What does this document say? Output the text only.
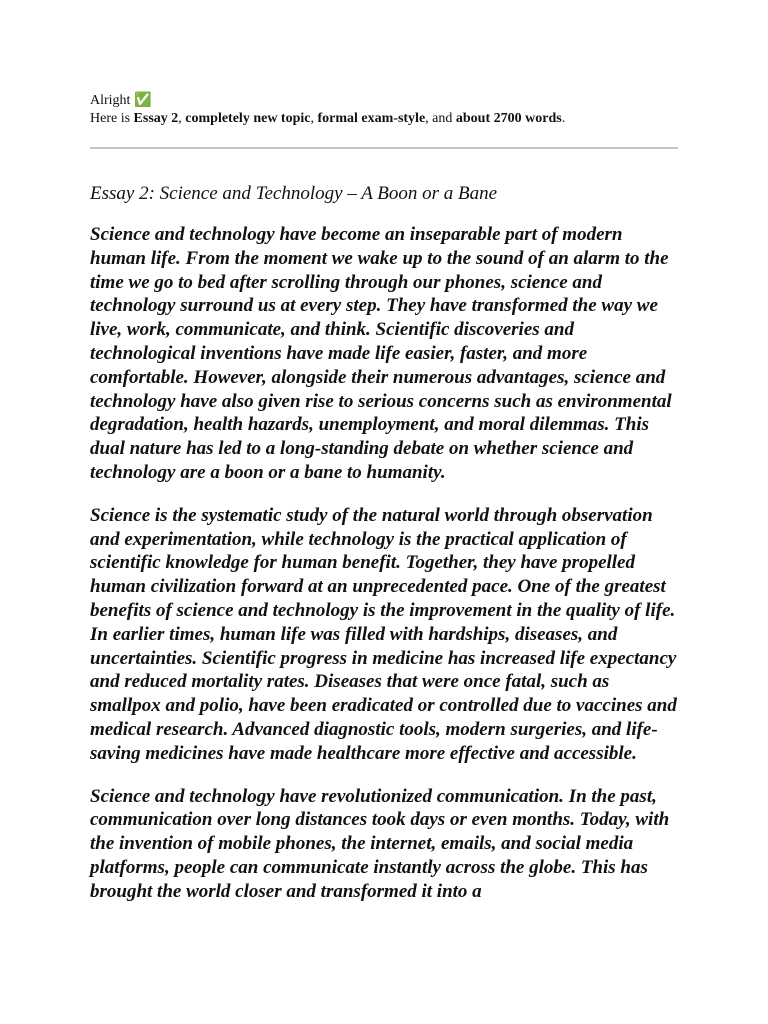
Alright ✅
Here is Essay 2, completely new topic, formal exam-style, and about 2700 words.
Essay 2: Science and Technology – A Boon or a Bane

Science and technology have become an inseparable part of modern human life. From the moment we wake up to the sound of an alarm to the time we go to bed after scrolling through our phones, science and technology surround us at every step. They have transformed the way we live, work, communicate, and think. Scientific discoveries and technological inventions have made life easier, faster, and more comfortable. However, alongside their numerous advantages, science and technology have also given rise to serious concerns such as environmental degradation, health hazards, unemployment, and moral dilemmas. This dual nature has led to a long-standing debate on whether science and technology are a boon or a bane to humanity.

Science is the systematic study of the natural world through observation and experimentation, while technology is the practical application of scientific knowledge for human benefit. Together, they have propelled human civilization forward at an unprecedented pace. One of the greatest benefits of science and technology is the improvement in the quality of life. In earlier times, human life was filled with hardships, diseases, and uncertainties. Scientific progress in medicine has increased life expectancy and reduced mortality rates. Diseases that were once fatal, such as smallpox and polio, have been eradicated or controlled due to vaccines and medical research. Advanced diagnostic tools, modern surgeries, and life-saving medicines have made healthcare more effective and accessible.

Science and technology have revolutionized communication. In the past, communication over long distances took days or even months. Today, with the invention of mobile phones, the internet, emails, and social media platforms, people can communicate instantly across the globe. This has brought the world closer and transformed it into a
